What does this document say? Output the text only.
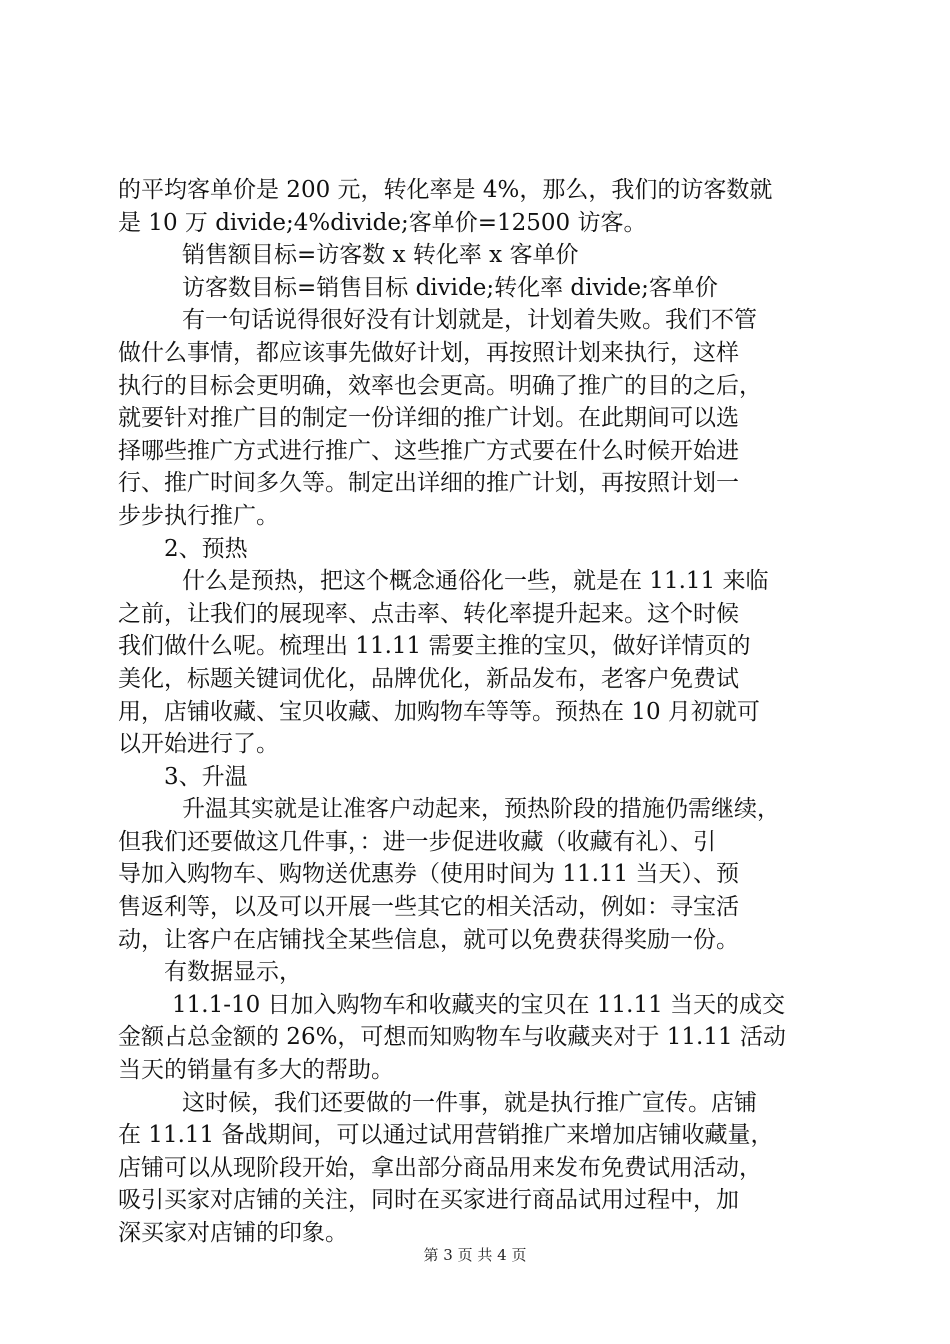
的平均客单价是 200 元，转化率是 4%，那么，我们的访客数就
是 10 万 divide;4%divide;客单价=12500 访客。
销售额目标=访客数 x 转化率 x 客单价
访客数目标=销售目标 divide;转化率 divide;客单价
有一句话说得很好没有计划就是，计划着失败。我们不管
做什么事情，都应该事先做好计划，再按照计划来执行，这样
执行的目标会更明确，效率也会更高。明确了推广的目的之后，
就要针对推广目的制定一份详细的推广计划。在此期间可以选
择哪些推广方式进行推广、这些推广方式要在什么时候开始进
行、推广时间多久等。制定出详细的推广计划，再按照计划一
步步执行推广。
2、预热
什么是预热，把这个概念通俗化一些，就是在 11.11 来临
之前，让我们的展现率、点击率、转化率提升起来。这个时候
我们做什么呢。梳理出 11.11 需要主推的宝贝，做好详情页的
美化，标题关键词优化，品牌优化，新品发布，老客户免费试
用，店铺收藏、宝贝收藏、加购物车等等。预热在 10 月初就可
以开始进行了。
3、升温
升温其实就是让准客户动起来，预热阶段的措施仍需继续，
但我们还要做这几件事，：进一步促进收藏（收藏有礼）、引
导加入购物车、购物送优惠券（使用时间为 11.11 当天）、预
售返利等，以及可以开展一些其它的相关活动，例如：寻宝活
动，让客户在店铺找全某些信息，就可以免费获得奖励一份。
有数据显示，
11.1-10 日加入购物车和收藏夹的宝贝在 11.11 当天的成交
金额占总金额的 26%，可想而知购物车与收藏夹对于 11.11 活动
当天的销量有多大的帮助。
这时候，我们还要做的一件事，就是执行推广宣传。店铺
在 11.11 备战期间，可以通过试用营销推广来增加店铺收藏量，
店铺可以从现阶段开始，拿出部分商品用来发布免费试用活动，
吸引买家对店铺的关注，同时在买家进行商品试用过程中，加
深买家对店铺的印象。
第 3 页 共 4 页
